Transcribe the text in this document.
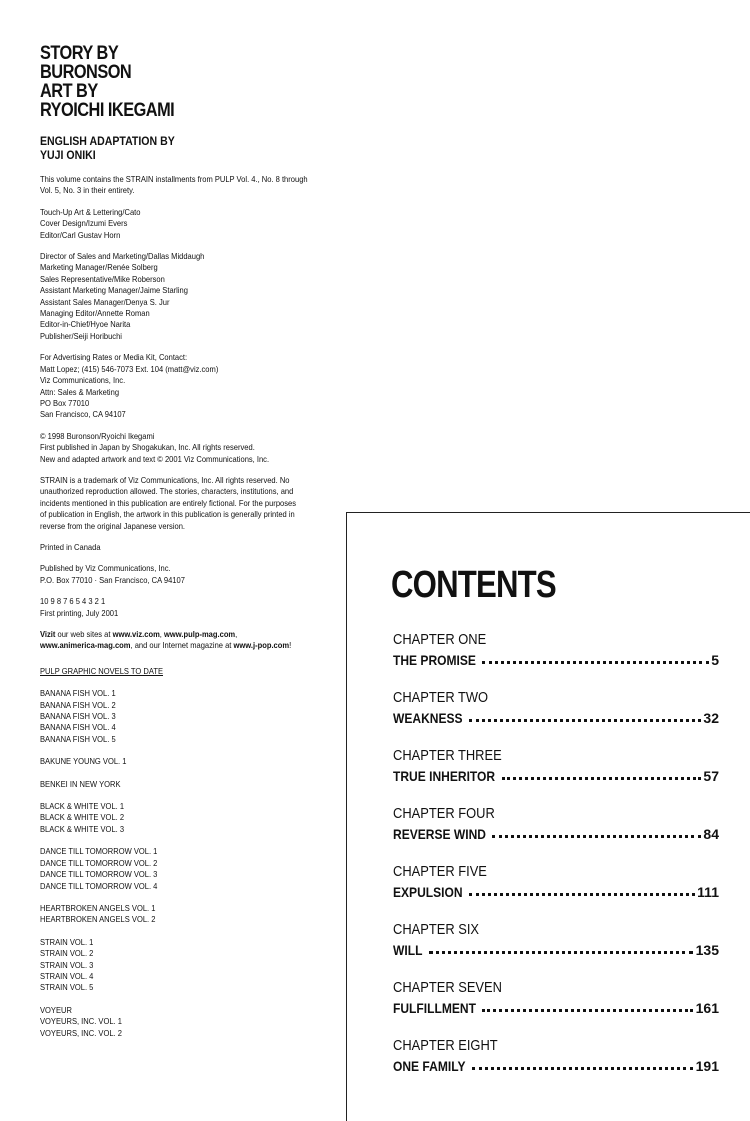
STORY BY
BURONSON
ART BY
RYOICHI IKEGAMI
ENGLISH ADAPTATION BY
YUJI ONIKI
This volume contains the STRAIN installments from PULP Vol. 4., No. 8 through
Vol. 5, No. 3 in their entirety.
Touch-Up Art & Lettering/Cato
Cover Design/Izumi Evers
Editor/Carl Gustav Horn
Director of Sales and Marketing/Dallas Middaugh
Marketing Manager/Renée Solberg
Sales Representative/Mike Roberson
Assistant Marketing Manager/Jaime Starling
Assistant Sales Manager/Denya S. Jur
Managing Editor/Annette Roman
Editor-in-Chief/Hyoe Narita
Publisher/Seiji Horibuchi
For Advertising Rates or Media Kit, Contact:
Matt Lopez; (415) 546-7073 Ext. 104 (matt@viz.com)
Viz Communications, Inc.
Attn: Sales & Marketing
PO Box 77010
San Francisco, CA 94107
© 1998 Buronson/Ryoichi Ikegami
First published in Japan by Shogakukan, Inc. All rights reserved.
New and adapted artwork and text © 2001 Viz Communications, Inc.
STRAIN is a trademark of Viz Communications, Inc. All rights reserved. No
unauthorized reproduction allowed. The stories, characters, institutions, and
incidents mentioned in this publication are entirely fictional. For the purposes
of publication in English, the artwork in this publication is generally printed in
reverse from the original Japanese version.
Printed in Canada
Published by Viz Communications, Inc.
P.O. Box 77010 · San Francisco, CA 94107
10 9 8 7 6 5 4 3 2 1
First printing, July 2001
Vizit our web sites at www.viz.com, www.pulp-mag.com,
www.animerica-mag.com, and our Internet magazine at www.j-pop.com!
PULP GRAPHIC NOVELS TO DATE
BANANA FISH VOL. 1
BANANA FISH VOL. 2
BANANA FISH VOL. 3
BANANA FISH VOL. 4
BANANA FISH VOL. 5
BAKUNE YOUNG VOL. 1
BENKEI IN NEW YORK
BLACK & WHITE VOL. 1
BLACK & WHITE VOL. 2
BLACK & WHITE VOL. 3
DANCE TILL TOMORROW VOL. 1
DANCE TILL TOMORROW VOL. 2
DANCE TILL TOMORROW VOL. 3
DANCE TILL TOMORROW VOL. 4
HEARTBROKEN ANGELS VOL. 1
HEARTBROKEN ANGELS VOL. 2
STRAIN VOL. 1
STRAIN VOL. 2
STRAIN VOL. 3
STRAIN VOL. 4
STRAIN VOL. 5
VOYEUR
VOYEURS, INC. VOL. 1
VOYEURS, INC. VOL. 2
CONTENTS
CHAPTER ONE
THE PROMISE	5
CHAPTER TWO
WEAKNESS	32
CHAPTER THREE
TRUE INHERITOR	57
CHAPTER FOUR
REVERSE WIND	84
CHAPTER FIVE
EXPULSION	111
CHAPTER SIX
WILL	135
CHAPTER SEVEN
FULFILLMENT	161
CHAPTER EIGHT
ONE FAMILY	191
